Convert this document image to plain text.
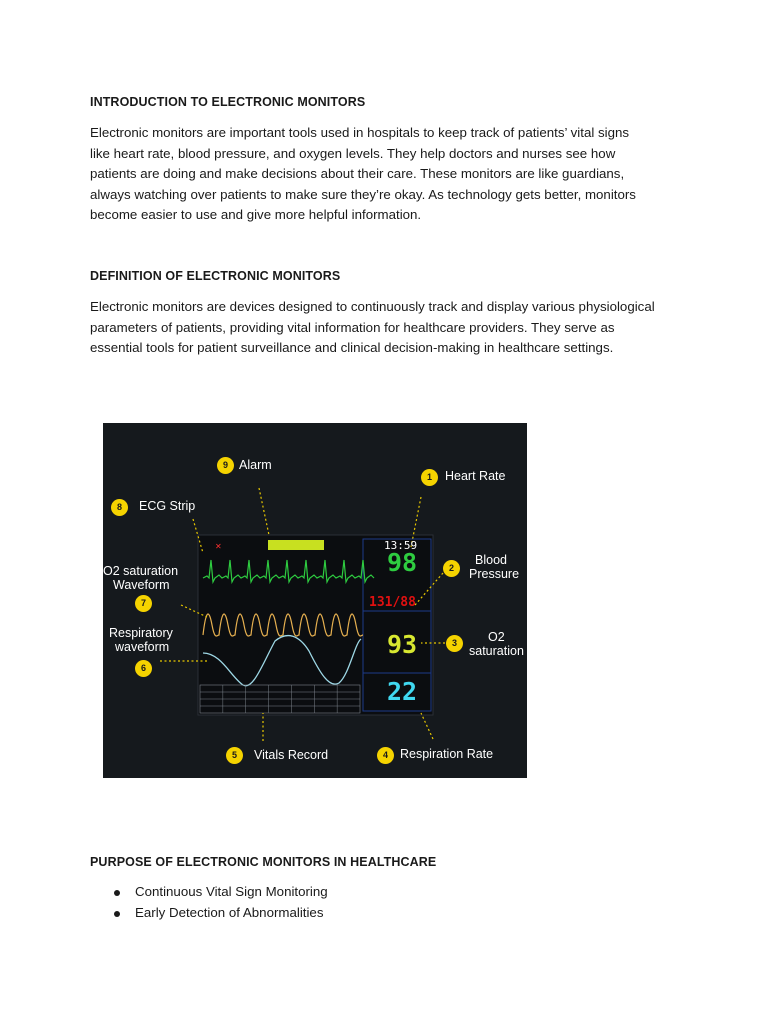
INTRODUCTION TO ELECTRONIC MONITORS
Electronic monitors are important tools used in hospitals to keep track of patients’ vital signs
like heart rate, blood pressure, and oxygen levels. They help doctors and nurses see how
patients are doing and make decisions about their care. These monitors are like guardians,
always watching over patients to make sure they’re okay. As technology gets better, monitors
become easier to use and give more helpful information.
DEFINITION OF ELECTRONIC MONITORS
Electronic monitors are devices designed to continuously track and display various physiological
parameters of patients, providing vital information for healthcare providers. They serve as
essential tools for patient surveillance and clinical decision-making in healthcare settings.
✕	13:59
98
131/88
93
22
9 Alarm
1	Heart Rate
8	ECG Strip
O2 saturation
Waveform
7
2
Blood
Pressure
Respiratory
waveform
6
3	O2
saturation
5	Vitals Record	4 Respiration Rate
PURPOSE OF ELECTRONIC MONITORS IN HEALTHCARE
Continuous Vital Sign Monitoring
Early Detection of Abnormalities
